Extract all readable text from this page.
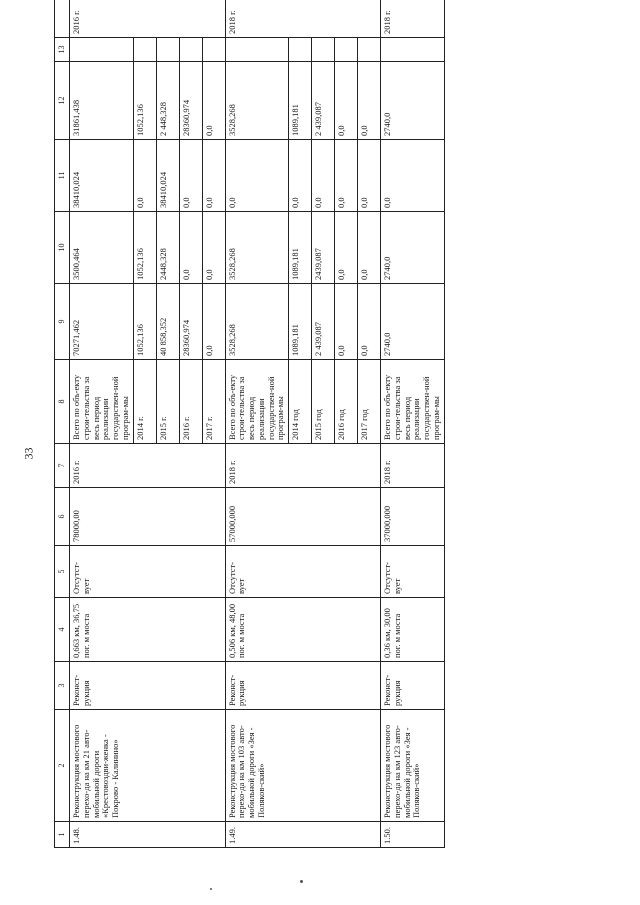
33
1	2	3	4	5	6	7	8	9	10	11	12	13	
1.48.	Реконструкция мостового перехо-да на км 21 авто-мобильной дороги «Крестовоздви-женка - Покрово - Калинино»	Реконст-рукция	0,663 км, 36,75 пог. м моста	Отсутст-вует	78000,00	2016 г.	Всего по объ-екту строи-тельства за весь период реализации государствен-ной програм-мы	70271,462	3500,464	38410,024	31861,438		2016 г.
							2014 г.	1052,136	1052,136	0,0	1052,136		
							2015 г.	40 858,352	2448,328	38410,024	2 448,328		
							2016 г.	28360,974	0,0	0,0	28360,974		
							2017 г.	0,0	0,0	0,0	0,0		
1.49.	Реконструкция мостового перехо-да на км 103 авто-мобильной дороги «Зея - Поляков-ский»	Реконст-рукция	0,506 км, 48,00 пог. м моста	Отсутст-вует	57000,000	2018 г.	Всего по объ-екту строи-тельства за весь период реализации государствен-ной програм-мы	3528,268	3528,268	0,0	3528,268		2018 г.
							2014 год	1089,181	1089,181	0,0	1089,181		
							2015 год	2 439,087	2439,087	0,0	2 439,087		
							2016 год	0,0	0,0	0,0	0,0		
							2017 год	0,0	0,0	0,0	0,0		
1.50.	Реконструкция мостового перехо-да на км 123 авто-мобильной дороги «Зея - Поляков-ский»	Реконст-рукция	0,36 км, 30,00 пог. м моста	Отсутст-вует	37000,000	2018 г.	Всего по объ-екту строи-тельства за весь период реализации государствен-ной програм-мы	2740,0	2740,0	0,0	2740,0		2018 г.
